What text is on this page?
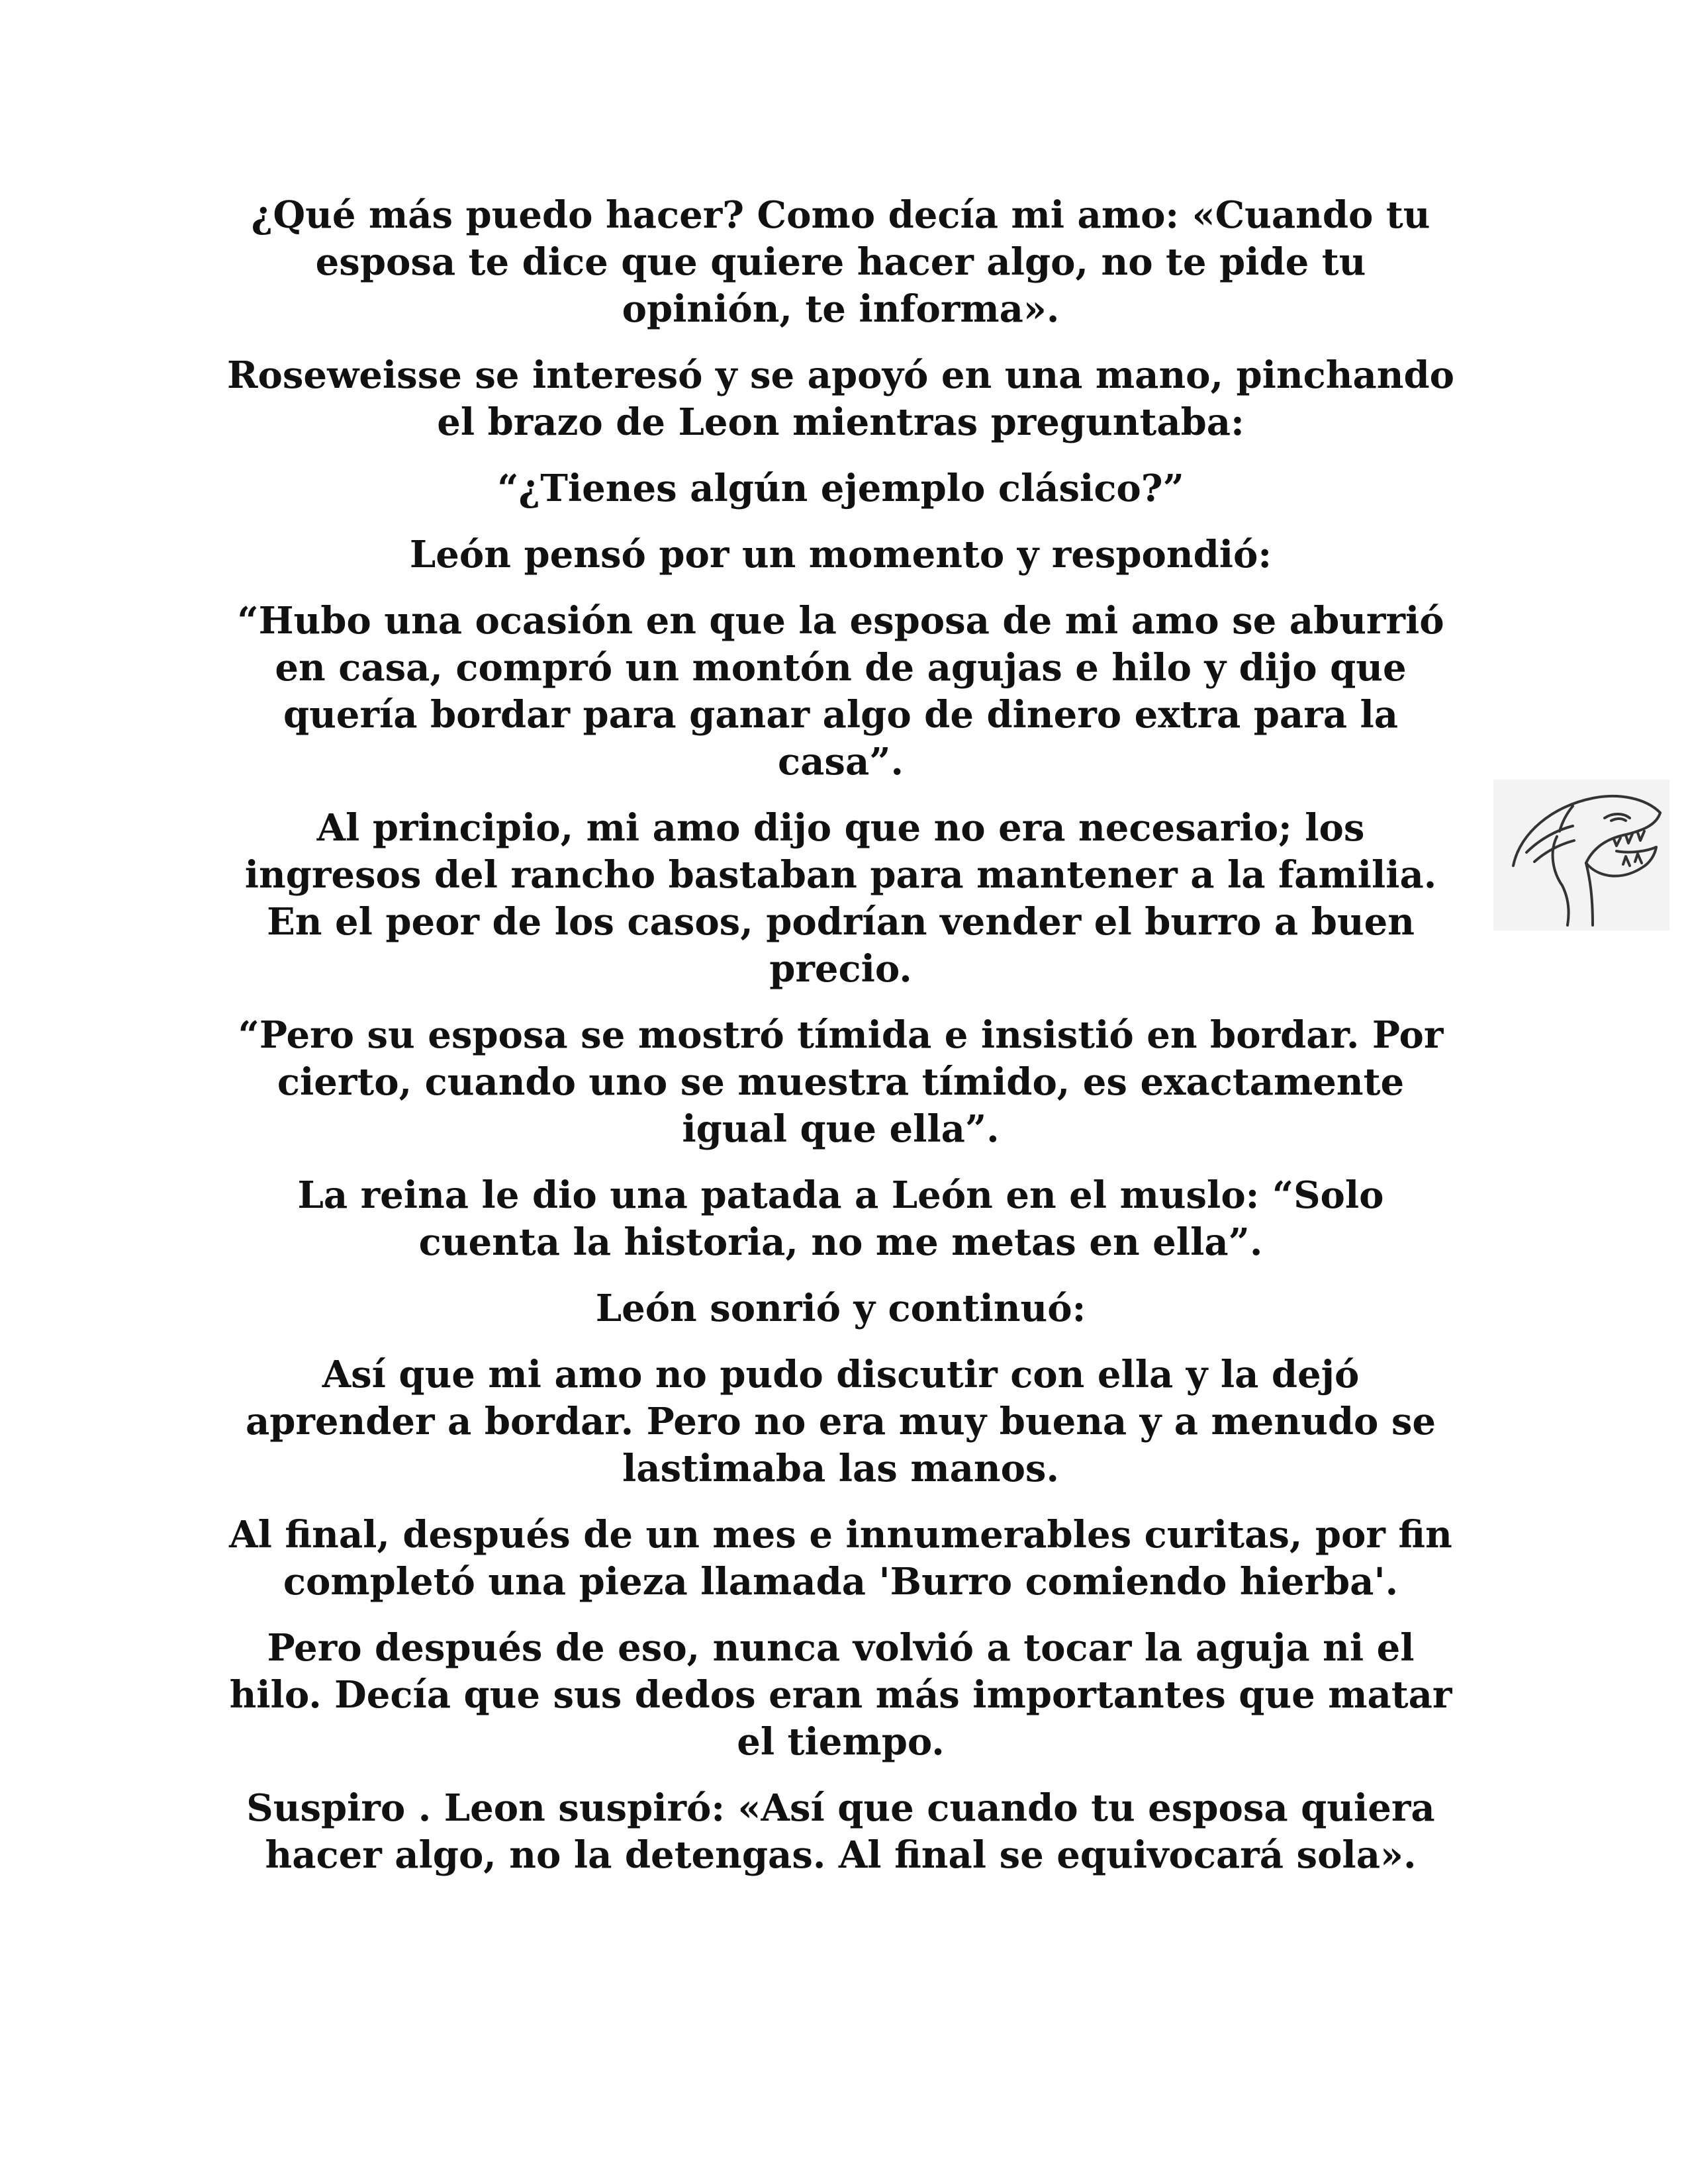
¿Qué más puedo hacer? Como decía mi amo: «Cuando tu esposa te dice que quiere hacer algo, no te pide tu opinión, te informa».

Roseweisse se interesó y se apoyó en una mano, pinchando el brazo de Leon mientras preguntaba:

“¿Tienes algún ejemplo clásico?”

León pensó por un momento y respondió:

“Hubo una ocasión en que la esposa de mi amo se aburrió en casa, compró un montón de agujas e hilo y dijo que quería bordar para ganar algo de dinero extra para la casa”.

Al principio, mi amo dijo que no era necesario; los ingresos del rancho bastaban para mantener a la familia. En el peor de los casos, podrían vender el burro a buen precio.

“Pero su esposa se mostró tímida e insistió en bordar. Por cierto, cuando uno se muestra tímido, es exactamente igual que ella”.

La reina le dio una patada a León en el muslo: “Solo cuenta la historia, no me metas en ella”.

León sonrió y continuó:

Así que mi amo no pudo discutir con ella y la dejó aprender a bordar. Pero no era muy buena y a menudo se lastimaba las manos.

Al final, después de un mes e innumerables curitas, por fin completó una pieza llamada 'Burro comiendo hierba'.

Pero después de eso, nunca volvió a tocar la aguja ni el hilo. Decía que sus dedos eran más importantes que matar el tiempo.

Suspiro . Leon suspiró: «Así que cuando tu esposa quiera hacer algo, no la detengas. Al final se equivocará sola».
